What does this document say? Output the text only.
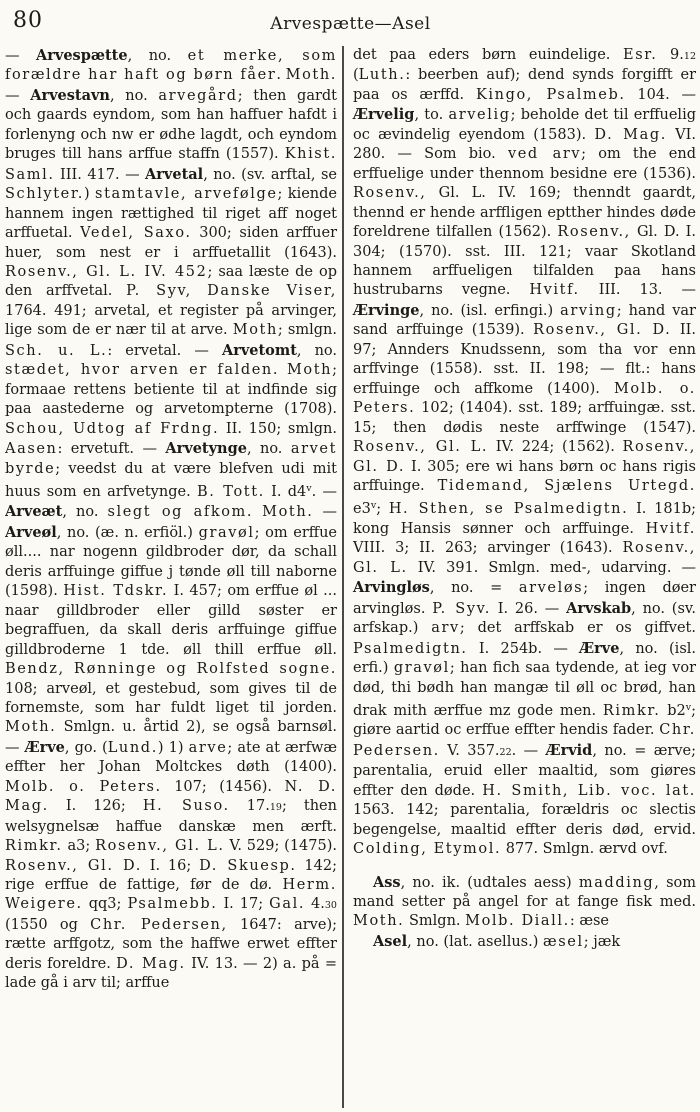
80	Arvespætte—Asel

— Arvespætte, no. et merke, som forældre har haft og børn fåer. Moth. — Arvestavn, no. arvegård; then gardt och gaards eyndom, som han haffuer hafdt i forlenyng och nw er ødhe lagdt, och eyndom bruges till hans arffue staffn (1557). Khist. Saml. III. 417. — Arvetal, no. (sv. arftal, se Schlyter.) stamtavle, arvefølge; kiende hannem ingen rættighed til riget aff noget arffuetal. Vedel, Saxo. 300; siden arffuer huer, som nest er i arffuetallit (1643). Rosenv., Gl. L. IV. 452; saa læste de op den arffvetal. P. Syv, Danske Viser, 1764. 491; arvetal, et register på arvinger, lige som de er nær til at arve. Moth; smlgn. Sch. u. L.: ervetal. — Arvetomt, no. stædet, hvor arven er falden. Moth; formaae rettens betiente til at indfinde sig paa aastederne og arvetompterne (1708). Schou, Udtog af Frdng. II. 150; smlgn. Aasen: ervetuft. — Arvetynge, no. arvet byrde; veedst du at være blefven udi mit huus som en arfvetynge. B. Tott. I. d4$^v$. — Arveæt, no. slegt og afkom. Moth. — Arveøl, no. (æ. n. erfiöl.) gravøl; om erffue øll.... nar nogenn gildbroder dør, da schall deris arffuinge giffue j tønde øll till naborne (1598). Hist. Tdskr. I. 457; om erffue øl ... naar gilldbroder eller gilld søster er begraffuen, da skall deris arffuinge giffue gilldbroderne 1 tde. øll thill erffue øll. Bendz, Rønninge og Rolfsted sogne. 108; arveøl, et gestebud, som gives til de fornemste, som har fuldt liget til jorden. Moth. Smlgn. u. årtid 2), se også barnsøl. — Ærve, go. (Lund.) 1) arve; ate at ærfwæ effter her Johan Moltckes døth (1400). Molb. o. Peters. 107; (1456). N. D. Mag. I. 126; H. Suso. 17.19; then welsygnelsæ haffue danskæ men ærft. Rimkr. a3; Rosenv., Gl. L. V. 529; (1475). Rosenv., Gl. D. I. 16; D. Skuesp. 142; rige erffue de fattige, før de dø. Herm. Weigere. qq3; Psalmebb. I. 17; Gal. 4.30 (1550 og Chr. Pedersen, 1647: arve); rætte arffgotz, som the haffwe erwet effter deris foreldre. D. Mag. IV. 13. — 2) a. på = lade gå i arv til; arffue

det paa eders børn euindelige. Esr. 9.12 (Luth.: beerben auf); dend synds forgifft er paa os ærffd. Kingo, Psalmeb. 104. — Ærvelig, to. arvelig; beholde det til erffuelig oc ævindelig eyendom (1583). D. Mag. VI. 280. — Som bio. ved arv; om the end erffuelige under thennom besidne ere (1536). Rosenv., Gl. L. IV. 169; thenndt gaardt, thennd er hende arffligen eptther hindes døde foreldrene tilfallen (1562). Rosenv., Gl. D. I. 304; (1570). sst. III. 121; vaar Skotland hannem arffueligen tilfalden paa hans hustrubarns vegne. Hvitf. III. 13. — Ærvinge, no. (isl. erfingi.) arving; hand var sand arffuinge (1539). Rosenv., Gl. D. II. 97; Annders Knudssenn, som tha vor enn arffvinge (1558). sst. II. 198; — flt.: hans erffuinge och affkome (1400). Molb. o. Peters. 102; (1404). sst. 189; arffuingæ. sst. 15; then dødis neste arffwinge (1547). Rosenv., Gl. L. IV. 224; (1562). Rosenv., Gl. D. I. 305; ere wi hans børn oc hans rigis arffuinge. Tidemand, Sjælens Urtegd. e3$^v$; H. Sthen, se Psalmedigtn. I. 181b; kong Hansis sønner och arffuinge. Hvitf. VIII. 3; II. 263; arvinger (1643). Rosenv., Gl. L. IV. 391. Smlgn. med-, udarving. — Arvingløs, no. = arveløs; ingen døer arvingløs. P. Syv. I. 26. — Arvskab, no. (sv. arfskap.) arv; det arffskab er os giffvet. Psalmedigtn. I. 254b. — Ærve, no. (isl. erfi.) gravøl; han fich saa tydende, at ieg vor død, thi bødh han mangæ til øll oc brød, han drak mith ærffue mz gode men. Rimkr. b2$^v$; giøre aartid oc erffue effter hendis fader. Chr. Pedersen. V. 357.22. — Ærvid, no. = ærve; parentalia, eruid eller maaltid, som giøres effter den døde. H. Smith, Lib. voc. lat. 1563. 142; parentalia, forældris oc slectis begengelse, maaltid effter deris død, ervid. Colding, Etymol. 877. Smlgn. ærvd ovf.

Ass, no. ik. (udtales aess) madding, som mand setter på angel for at fange fisk med. Moth. Smlgn. Molb. Diall.: æse

Asel, no. (lat. asellus.) æsel; jæk
